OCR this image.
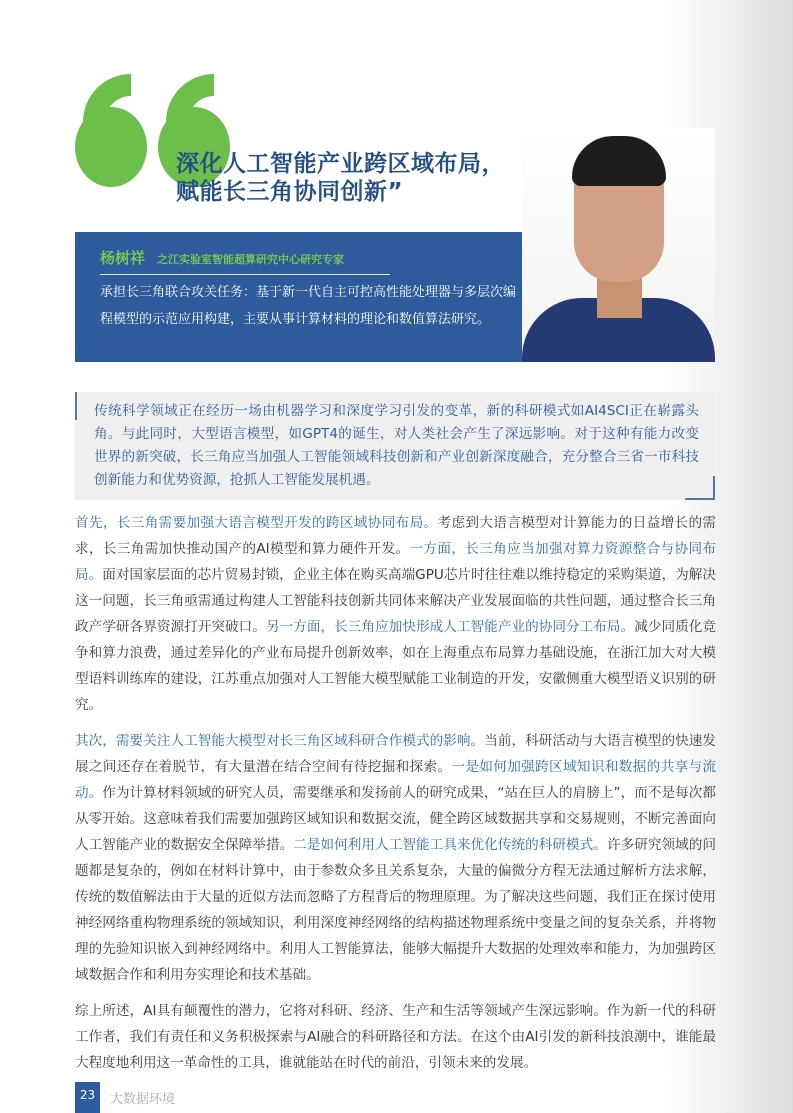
深化人工智能产业跨区域布局，
赋能长三角协同创新”
杨树祥 之江实验室智能超算研究中心研究专家
承担长三角联合攻关任务：基于新一代自主可控高性能处理器与多层次编程模型的示范应用构建，主要从事计算材料的理论和数值算法研究。

传统科学领域正在经历一场由机器学习和深度学习引发的变革，新的科研模式如AI4SCI正在崭露头角。与此同时，大型语言模型，如GPT4的诞生，对人类社会产生了深远影响。对于这种有能力改变世界的新突破，长三角应当加强人工智能领域科技创新和产业创新深度融合，充分整合三省一市科技创新能力和优势资源，抢抓人工智能发展机遇。

首先，长三角需要加强大语言模型开发的跨区域协同布局。考虑到大语言模型对计算能力的日益增长的需求，长三角需加快推动国产的AI模型和算力硬件开发。一方面，长三角应当加强对算力资源整合与协同布局。面对国家层面的芯片贸易封锁，企业主体在购买高端GPU芯片时往往难以维持稳定的采购渠道，为解决这一问题，长三角亟需通过构建人工智能科技创新共同体来解决产业发展面临的共性问题，通过整合长三角政产学研各界资源打开突破口。另一方面，长三角应加快形成人工智能产业的协同分工布局。减少同质化竞争和算力浪费，通过差异化的产业布局提升创新效率，如在上海重点布局算力基础设施，在浙江加大对大模型语料训练库的建设，江苏重点加强对人工智能大模型赋能工业制造的开发，安徽侧重大模型语义识别的研究。
其次，需要关注人工智能大模型对长三角区域科研合作模式的影响。当前，科研活动与大语言模型的快速发展之间还存在着脱节，有大量潜在结合空间有待挖掘和探索。一是如何加强跨区域知识和数据的共享与流动。作为计算材料领域的研究人员，需要继承和发扬前人的研究成果，“站在巨人的肩膀上”，而不是每次都从零开始。这意味着我们需要加强跨区域知识和数据交流，健全跨区域数据共享和交易规则，不断完善面向人工智能产业的数据安全保障举措。二是如何利用人工智能工具来优化传统的科研模式。许多研究领域的问题都是复杂的，例如在材料计算中，由于参数众多且关系复杂，大量的偏微分方程无法通过解析方法求解，传统的数值解法由于大量的近似方法而忽略了方程背后的物理原理。为了解决这些问题，我们正在探讨使用神经网络重构物理系统的领域知识，利用深度神经网络的结构描述物理系统中变量之间的复杂关系，并将物理的先验知识嵌入到神经网络中。利用人工智能算法，能够大幅提升大数据的处理效率和能力，为加强跨区域数据合作和利用夯实理论和技术基础。
综上所述，AI具有颠覆性的潜力，它将对科研、经济、生产和生活等领域产生深远影响。作为新一代的科研工作者，我们有责任和义务积极探索与AI融合的科研路径和方法。在这个由AI引发的新科技浪潮中，谁能最大程度地利用这一革命性的工具，谁就能站在时代的前沿，引领未来的发展。
23	大数据环境
